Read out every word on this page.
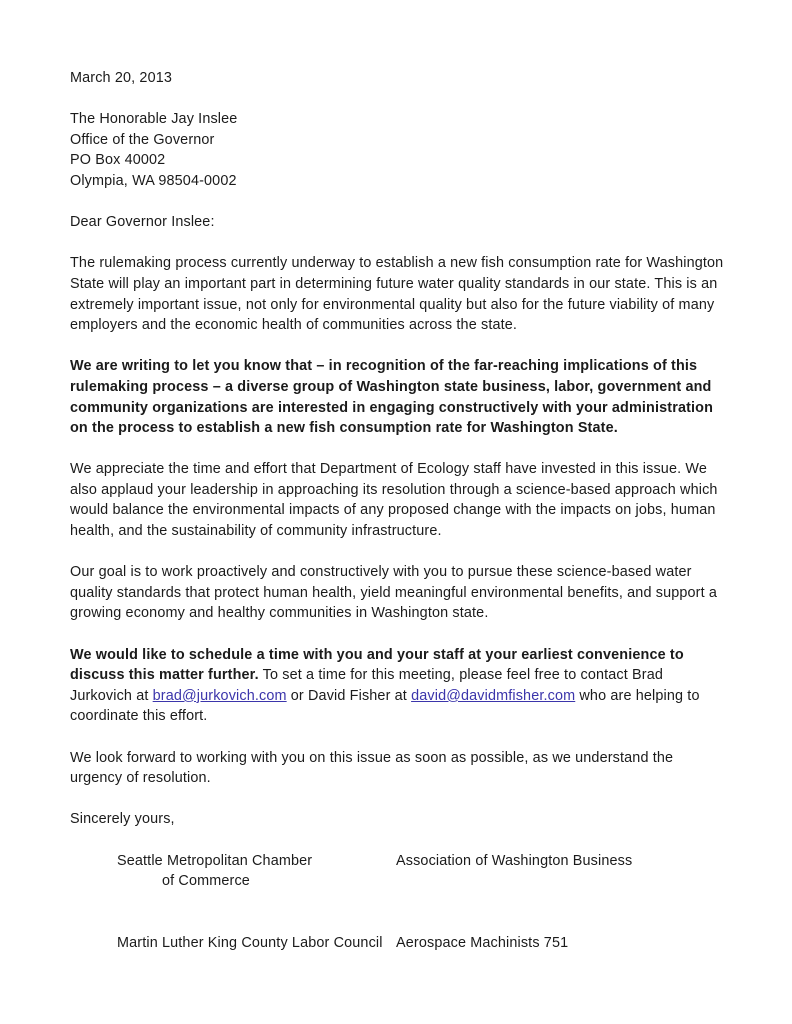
March 20, 2013
The Honorable Jay Inslee
Office of the Governor
PO Box 40002
Olympia, WA 98504-0002

Dear Governor Inslee:

The rulemaking process currently underway to establish a new fish consumption rate for Washington State will play an important part in determining future water quality standards in our state. This is an extremely important issue, not only for environmental quality but also for the future viability of many employers and the economic health of communities across the state.

We are writing to let you know that – in recognition of the far-reaching implications of this rulemaking process – a diverse group of Washington state business, labor, government and community organizations are interested in engaging constructively with your administration on the process to establish a new fish consumption rate for Washington State.

We appreciate the time and effort that Department of Ecology staff have invested in this issue. We also applaud your leadership in approaching its resolution through a science-based approach which would balance the environmental impacts of any proposed change with the impacts on jobs, human health, and the sustainability of community infrastructure.

Our goal is to work proactively and constructively with you to pursue these science-based water quality standards that protect human health, yield meaningful environmental benefits, and support a growing economy and healthy communities in Washington state.

We would like to schedule a time with you and your staff at your earliest convenience to discuss this matter further. To set a time for this meeting, please feel free to contact Brad Jurkovich at brad@jurkovich.com or David Fisher at david@davidmfisher.com who are helping to coordinate this effort.

We look forward to working with you on this issue as soon as possible, as we understand the urgency of resolution.

Sincerely yours,

Seattle Metropolitan Chamber
of Commerce
Association of Washington Business
Martin Luther King County Labor Council Aerospace Machinists 751
